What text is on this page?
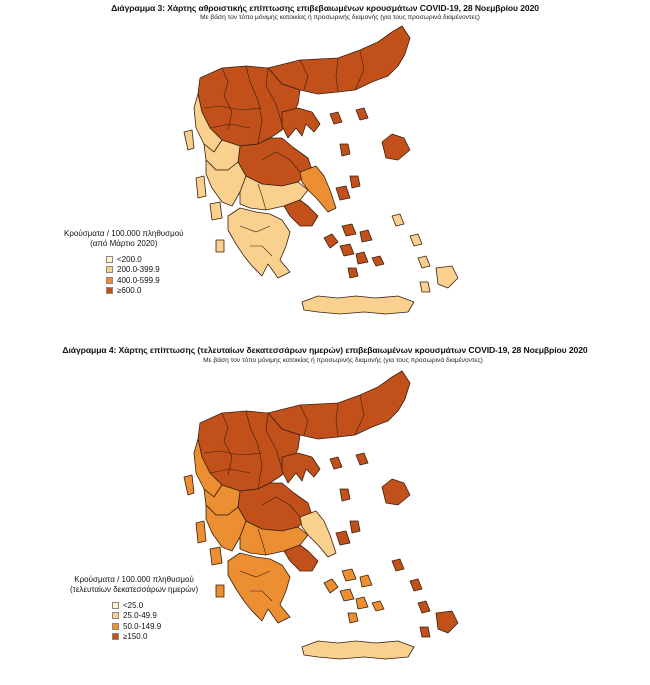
Διάγραμμα 3: Χάρτης αθροιστικής επίπτωσης επιβεβαιωμένων κρουσμάτων COVID-19, 28 Νοεμβρίου 2020
Με βάση τον τόπο μόνιμης κατοικίας ή προσωρινής διαμονής (για τους προσωρινά διαμένοντες)
Κρούσματα / 100.000 πληθυσμού
(από Μάρτιο 2020)
<200.0
200.0-399.9
400.0-599.9
≥600.0
Διάγραμμα 4: Χάρτης επίπτωσης (τελευταίων δεκατεσσάρων ημερών) επιβεβαιωμένων κρουσμάτων COVID-19, 28 Νοεμβρίου 2020
Με βάση τον τόπο μόνιμης κατοικίας ή προσωρινής διαμονής (για τους προσωρινά διαμένοντες)
Κρούσματα / 100.000 πληθυσμού
(τελευταίων δεκατεσσάρων ημερών)
<25.0
25.0-49.9
50.0-149.9
≥150.0
